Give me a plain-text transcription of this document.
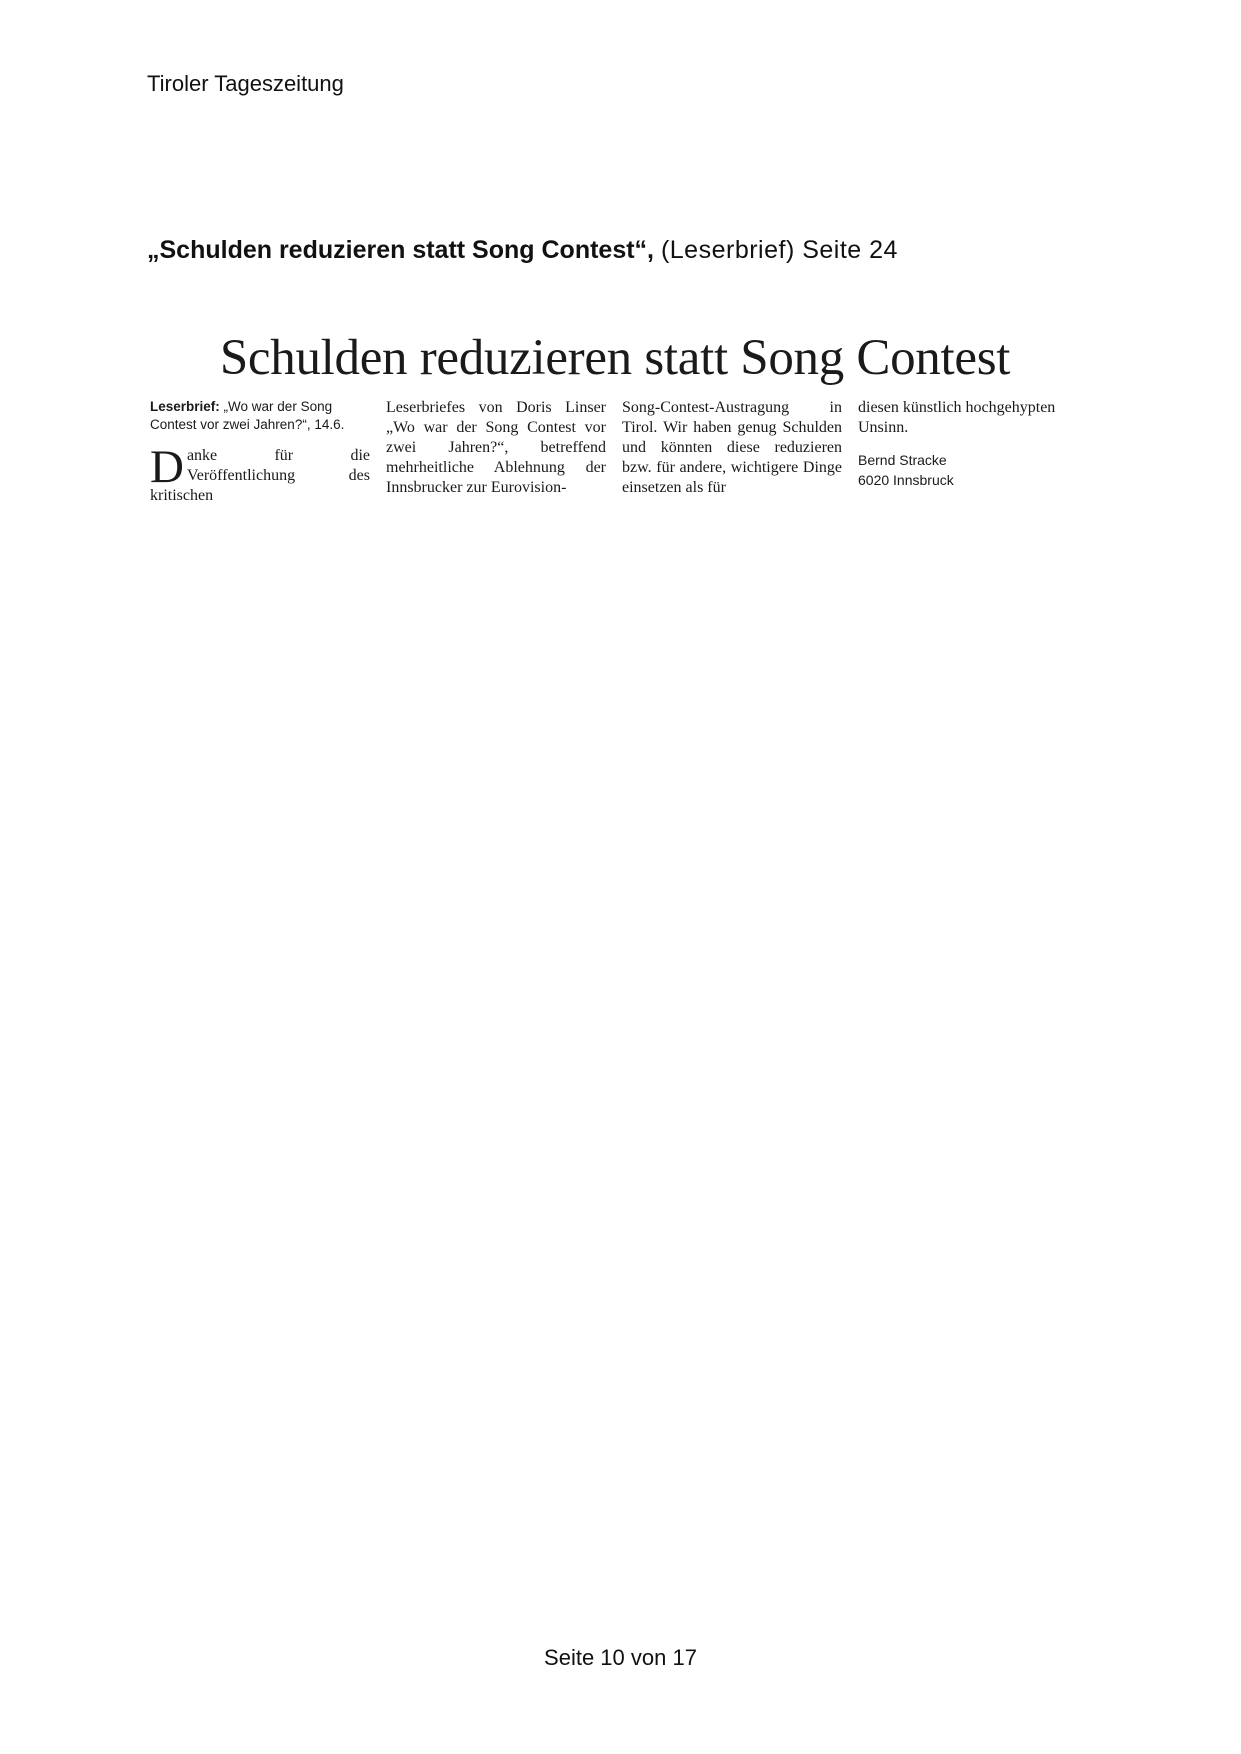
Tiroler Tageszeitung
„Schulden reduzieren statt Song Contest“, (Leserbrief) Seite 24
Schulden reduzieren statt Song Contest
Leserbrief: „Wo war der Song Contest vor zwei Jahren?“, 14.6.

D anke für die Veröffentlichung des kritischen

Leserbriefes von Doris Linser „Wo war der Song Contest vor zwei Jahren?“, betreffend mehrheitliche Ablehnung der Innsbrucker zur Eurovision-

Song-Contest-Austragung in Tirol. Wir haben genug Schulden und könnten diese reduzieren bzw. für andere, wichtigere Dinge einsetzen als für

diesen künstlich hochgehypten Unsinn.

Bernd Stracke
6020 Innsbruck
Seite 10 von 17
